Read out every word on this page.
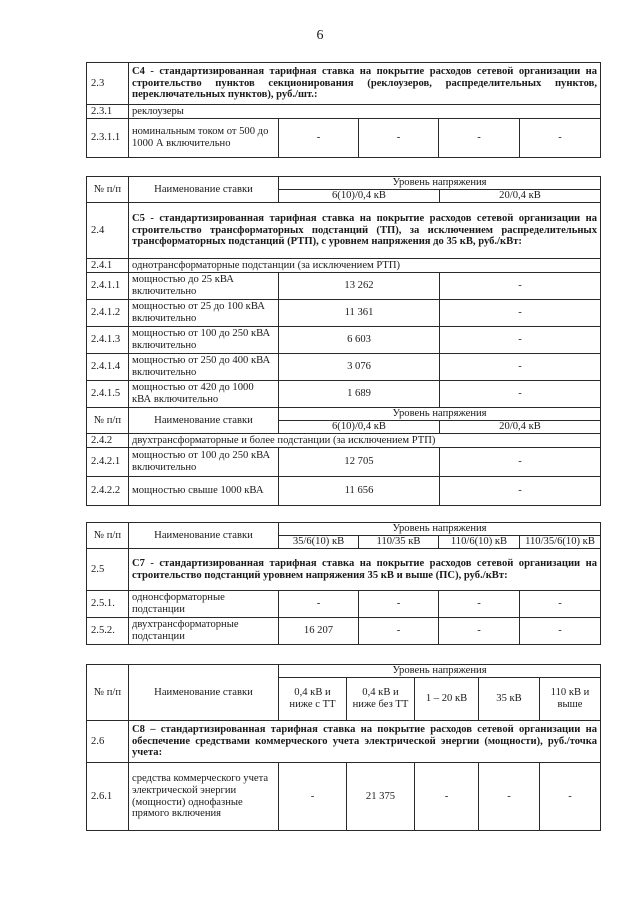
6
2.3	С4 - стандартизированная тарифная ставка на покрытие расходов сетевой организации на строительство пунктов секционирования (реклоузеров, распределительных пунктов, переключательных пунктов), руб./шт.:				
2.3.1	реклоузеры				
2.3.1.1	номинальным током от 500 до 1000 А включительно	-	-	-	-
№ п/п	Наименование ставки	Уровень напряжения	
		6(10)/0,4 кВ	20/0,4 кВ
2.4	С5 - стандартизированная тарифная ставка на покрытие расходов сетевой организации на строительство трансформаторных подстанций (ТП), за исключением распределительных трансформаторных подстанций (РТП), с уровнем напряжения до 35 кВ, руб./кВт:		
2.4.1	однотрансформаторные подстанции (за исключением РТП)		
2.4.1.1	мощностью до 25 кВА включительно	13 262	-
2.4.1.2	мощностью от 25 до 100 кВА включительно	11 361	-
2.4.1.3	мощностью от 100 до 250 кВА включительно	6 603	-
2.4.1.4	мощностью от 250 до 400 кВА включительно	3 076	-
2.4.1.5	мощностью от 420 до 1000 кВА включительно	1 689	-
№ п/п	Наименование ставки	Уровень напряжения	
		6(10)/0,4 кВ	20/0,4 кВ
2.4.2	двухтрансформаторные и более подстанции (за исключением РТП)		
2.4.2.1	мощностью от 100 до 250 кВА включительно	12 705	-
2.4.2.2	мощностью свыше 1000 кВА	11 656	-
№ п/п	Наименование ставки	Уровень напряжения			
		35/6(10) кВ	110/35 кВ	110/6(10) кВ	110/35/6(10) кВ
2.5	С7 - стандартизированная тарифная ставка на покрытие расходов сетевой организации на строительство подстанций уровнем напряжения 35 кВ и выше (ПС), руб./кВт:				
2.5.1.	однонсформаторные подстанции	-	-	-	-
2.5.2.	двухтрансформаторные подстанции	16 207	-	-	-
№ п/п	Наименование ставки	Уровень напряжения				
		0,4 кВ и ниже с ТТ	0,4 кВ и ниже без ТТ	1 – 20 кВ	35 кВ	110 кВ и выше
2.6	С8 – стандартизированная тарифная ставка на покрытие расходов сетевой организации на обеспечение средствами коммерческого учета электрической энергии (мощности), руб./точка учета:					
2.6.1	средства коммерческого учета электрической энергии (мощности) однофазные прямого включения	-	21 375	-	-	-
